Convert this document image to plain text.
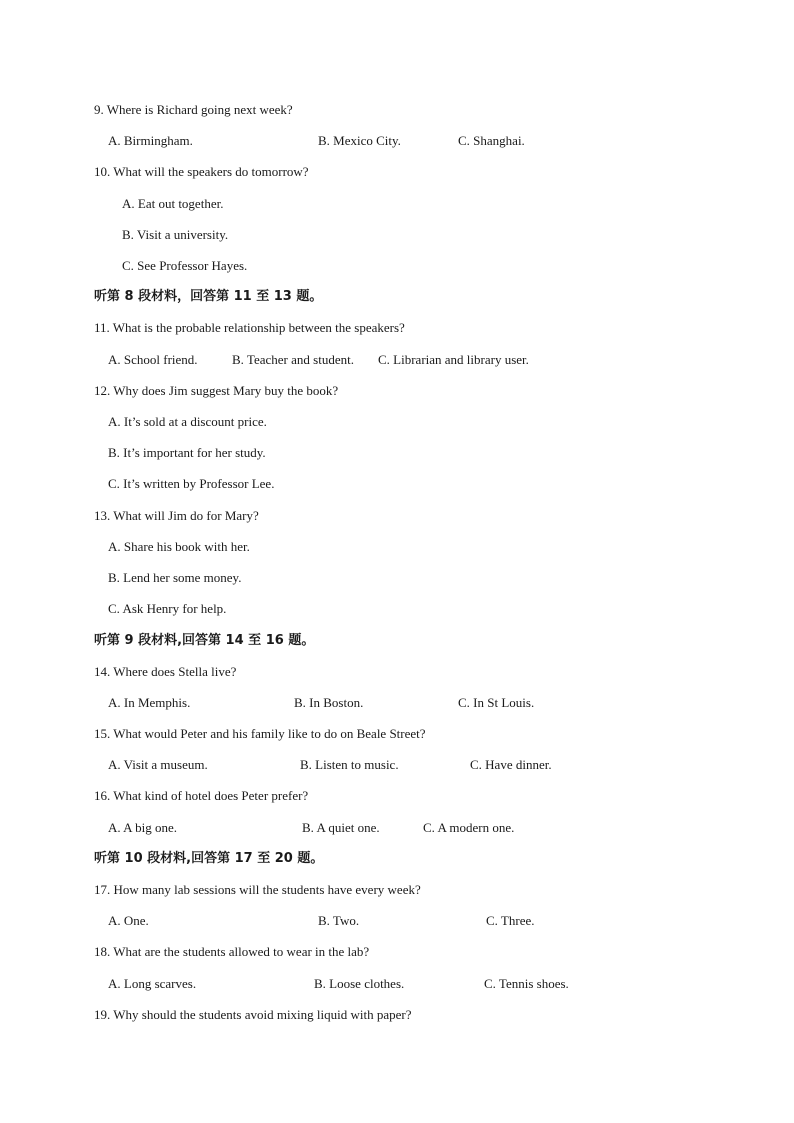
9. Where is Richard going next week?
A. Birmingham.	B. Mexico City.	C. Shanghai.
10. What will the speakers do tomorrow?
A. Eat out together.
B. Visit a university.
C. See Professor Hayes.
听第 8 段材料，回答第 11 至 13 题。
11. What is the probable relationship between the speakers?
A. School friend.	B. Teacher and student. C. Librarian and library user.
12. Why does Jim suggest Mary buy the book?
A. It’s sold at a discount price.
B. It’s important for her study.
C. It’s written by Professor Lee.
13. What will Jim do for Mary?
A. Share his book with her.
B. Lend her some money.
C. Ask Henry for help.
听第 9 段材料,回答第 14 至 16 题。
14. Where does Stella live?
A. In Memphis.	B. In Boston.	C. In St Louis.
15. What would Peter and his family like to do on Beale Street?
A. Visit a museum.	B. Listen to music.	C. Have dinner.
16. What kind of hotel does Peter prefer?
A. A big one.	B. A quiet one.	C. A modern one.
听第 10 段材料,回答第 17 至 20 题。
17. How many lab sessions will the students have every week?
A. One.	B. Two.	C. Three.
18. What are the students allowed to wear in the lab?
A. Long scarves.	B. Loose clothes.	C. Tennis shoes.
19. Why should the students avoid mixing liquid with paper?
